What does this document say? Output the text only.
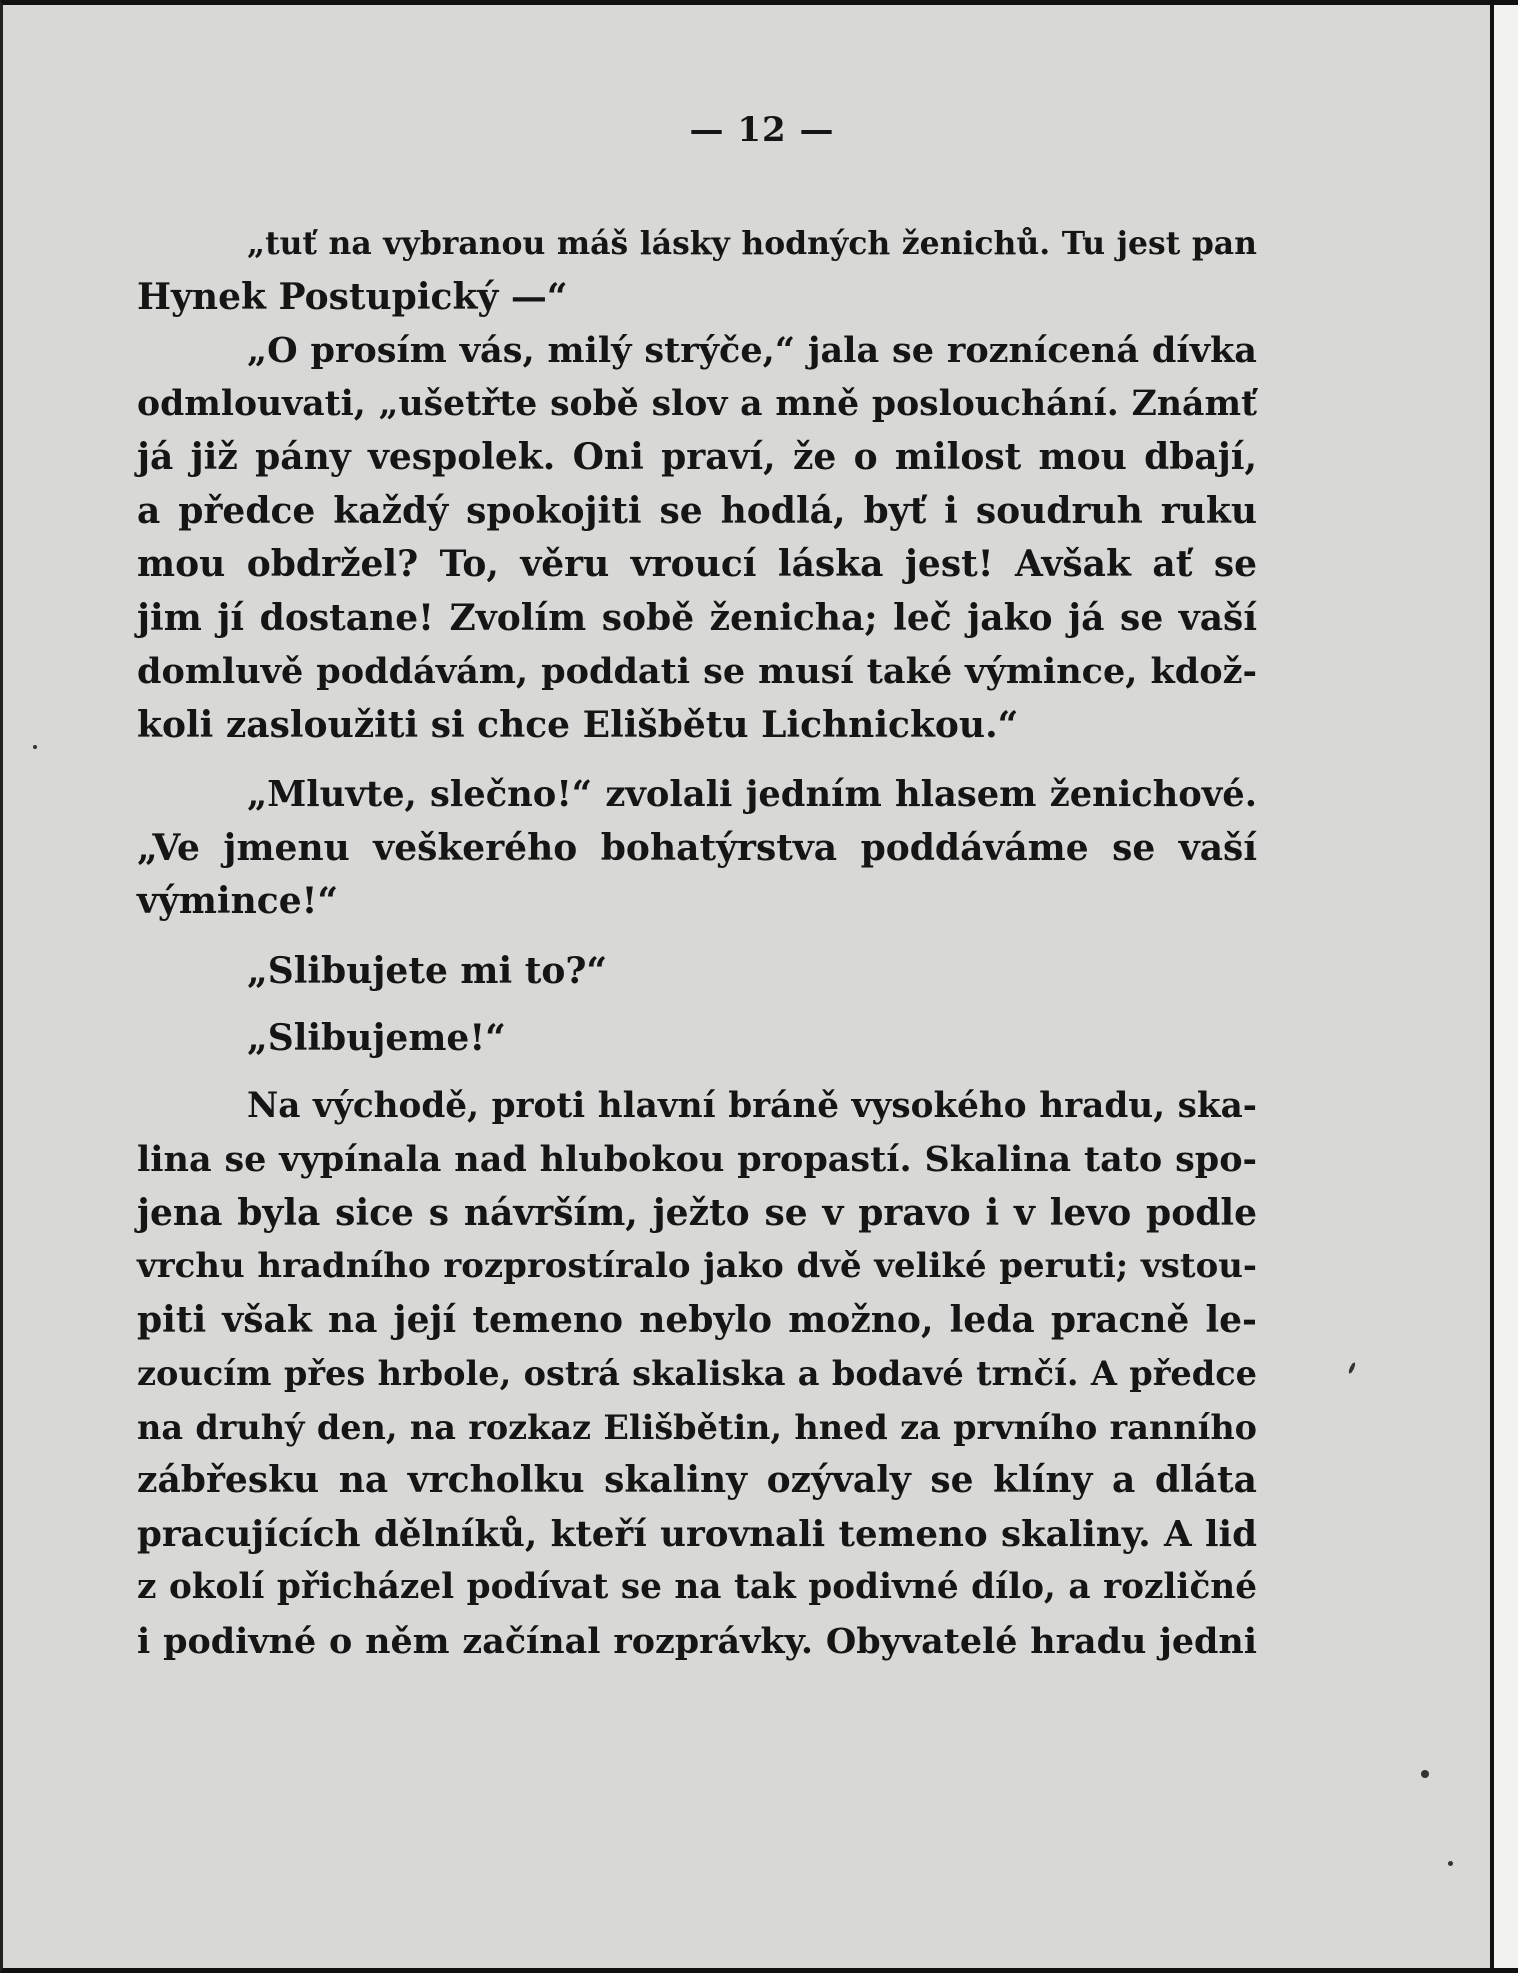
— 12 —

„tuť na vybranou máš lásky hodných ženichů. Tu jest pan
Hynek Postupický —“

„O prosím vás, milý strýče,“ jala se roznícená dívka
odmlouvati, „ušetřte sobě slov a mně poslouchání. Známť
já již pány vespolek. Oni praví, že o milost mou dbají,
a předce každý spokojiti se hodlá, byť i soudruh ruku
mou obdržel? To, věru vroucí láska jest! Avšak ať se
jim jí dostane! Zvolím sobě ženicha; leč jako já se vaší
domluvě poddávám, poddati se musí také výmince, kdož-
koli zasloužiti si chce Elišbětu Lichnickou.“

„Mluvte, slečno!“ zvolali jedním hlasem ženichové.
„Ve jmenu veškerého bohatýrstva poddáváme se vaší
výmince!“

„Slibujete mi to?“

„Slibujeme!“

Na východě, proti hlavní bráně vysokého hradu, ska-
lina se vypínala nad hlubokou propastí. Skalina tato spo-
jena byla sice s návrším, ježto se v pravo i v levo podle
vrchu hradního rozprostíralo jako dvě veliké peruti; vstou-
piti však na její temeno nebylo možno, leda pracně le-
zoucím přes hrbole, ostrá skaliska a bodavé trnčí. A předce
na druhý den, na rozkaz Elišbětin, hned za prvního ranního
zábřesku na vrcholku skaliny ozývaly se klíny a dláta
pracujících dělníků, kteří urovnali temeno skaliny. A lid
z okolí přicházel podívat se na tak podivné dílo, a rozličné
i podivné o něm začínal rozprávky. Obyvatelé hradu jedni
